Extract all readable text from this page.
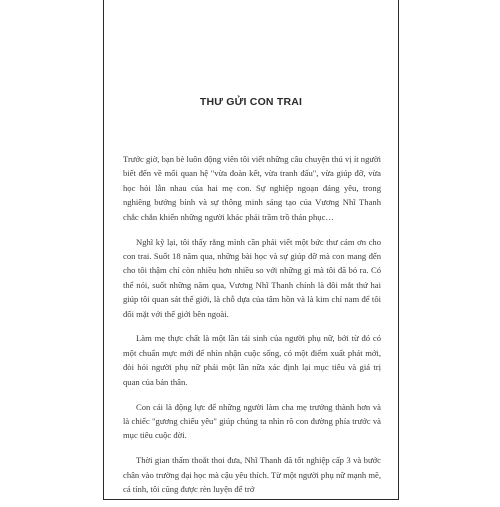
THƯ GỬI CON TRAI

Trước giờ, bạn bè luôn động viên tôi viết những câu chuyện thú vị ít người biết đến về mối quan hệ "vừa đoàn kết, vừa tranh đấu", vừa giúp đỡ, vừa học hỏi lẫn nhau của hai mẹ con. Sự nghiệp ngoạn đáng yêu, trong nghiêng bướng bỉnh và sự thông minh sáng tạo của Vương Nhĩ Thanh chắc chắn khiến những người khác phải trầm trồ thán phục…

Nghĩ kỹ lại, tôi thấy rằng mình cần phải viết một bức thư cảm ơn cho con trai. Suốt 18 năm qua, những bài học và sự giúp đỡ mà con mang đến cho tôi thậm chí còn nhiều hơn nhiều so với những gì mà tôi đã bỏ ra. Có thể nói, suốt những năm qua, Vương Nhĩ Thanh chính là đôi mắt thứ hai giúp tôi quan sát thế giới, là chỗ dựa của tâm hồn và là kim chỉ nam để tôi đối mặt với thế giới bên ngoài.

Làm mẹ thực chất là một lần tái sinh của người phụ nữ, bởi từ đó có một chuẩn mực mới để nhìn nhận cuộc sống, có một điểm xuất phát mới, đòi hỏi người phụ nữ phải một lần nữa xác định lại mục tiêu và giá trị quan của bản thân.

Con cái là động lực để những người làm cha mẹ trưởng thành hơn và là chiếc "gương chiếu yêu" giúp chúng ta nhìn rõ con đường phía trước và mục tiêu cuộc đời.

Thời gian thấm thoắt thoi đưa, Nhĩ Thanh đã tốt nghiệp cấp 3 và bước chân vào trường đại học mà cậu yêu thích. Từ một người phụ nữ mạnh mẽ, cá tính, tôi cũng được rèn luyện để trở
